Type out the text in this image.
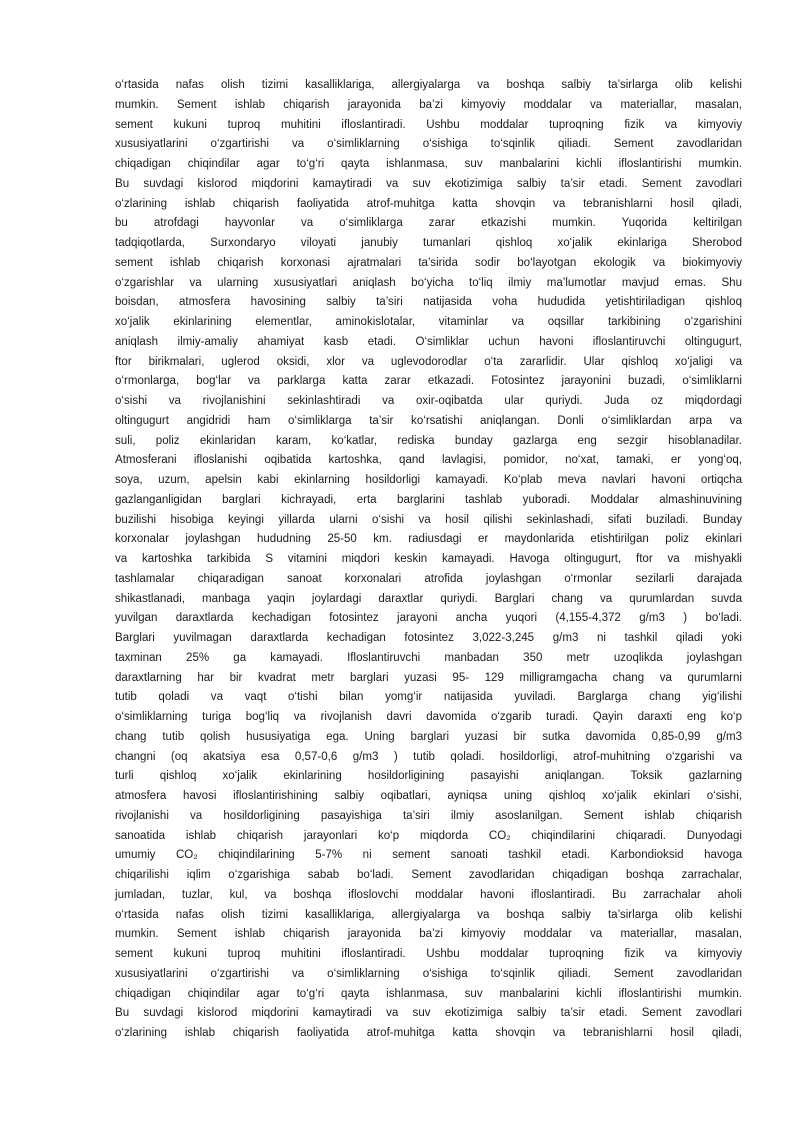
o‘rtasida nafas olish tizimi kasalliklariga, allergiyalarga va boshqa salbiy ta’sirlarga olib kelishi
mumkin. Sement ishlab chiqarish jarayonida ba’zi kimyoviy moddalar va materiallar, masalan,
sement kukuni tuproq muhitini ifloslantiradi. Ushbu moddalar tuproqning fizik va kimyoviy
xususiyatlarini o‘zgartirishi va o‘simliklarning o‘sishiga to‘sqinlik qiliadi. Sement zavodlaridan
chiqadigan chiqindilar agar to‘g‘ri qayta ishlanmasa, suv manbalarini kichli ifloslantirishi mumkin.
Bu suvdagi kislorod miqdorini kamaytiradi va suv ekotizimiga salbiy ta’sir etadi. Sement zavodlari
o‘zlarining ishlab chiqarish faoliyatida atrof-muhitga katta shovqin va tebranishlarni hosil qiladi,
bu atrofdagi hayvonlar va o‘simliklarga zarar etkazishi mumkin. Yuqorida keltirilgan
tadqiqotlarda, Surxondaryo viloyati janubiy tumanlari qishloq xo‘jalik ekinlariga Sherobod
sement ishlab chiqarish korxonasi ajratmalari ta’sirida sodir bo‘layotgan ekologik va biokimyoviy
o‘zgarishlar va ularning xususiyatlari aniqlash bo‘yicha to‘liq ilmiy ma’lumotlar mavjud emas. Shu
boisdan, atmosfera havosining salbiy ta’siri natijasida voha hududida yetishtiriladigan qishloq
xo‘jalik ekinlarining elementlar, aminokislotalar, vitaminlar va oqsillar tarkibining o‘zgarishini
aniqlash ilmiy-amaliy ahamiyat kasb etadi. O‘simliklar uchun havoni ifloslantiruvchi oltingugurt,
ftor birikmalari, uglerod oksidi, xlor va uglevodorodlar o‘ta zararlidir. Ular qishloq xo‘jaligi va
o‘rmonlarga, bog‘lar va parklarga katta zarar etkazadi. Fotosintez jarayonini buzadi, o‘simliklarni
o‘sishi va rivojlanishini sekinlashtiradi va oxir-oqibatda ular quriydi. Juda oz miqdordagi
oltingugurt angidridi ham o‘simliklarga ta’sir ko‘rsatishi aniqlangan. Donli o‘simliklardan arpa va
suli, poliz ekinlaridan karam, ko‘katlar, rediska bunday gazlarga eng sezgir hisoblanadilar.
Atmosferani ifloslanishi oqibatida kartoshka, qand lavlagisi, pomidor, no‘xat, tamaki, er yong‘oq,
soya, uzum, apelsin kabi ekinlarning hosildorligi kamayadi. Ko‘plab meva navlari havoni ortiqcha
gazlanganligidan barglari kichrayadi, erta barglarini tashlab yuboradi. Moddalar almashinuvining
buzilishi hisobiga keyingi yillarda ularni o‘sishi va hosil qilishi sekinlashadi, sifati buziladi. Bunday
korxonalar joylashgan hududning 25-50 km. radiusdagi er maydonlarida etishtirilgan poliz ekinlari
va kartoshka tarkibida S vitamini miqdori keskin kamayadi. Havoga oltingugurt, ftor va mishyakli
tashlamalar chiqaradigan sanoat korxonalari atrofida joylashgan o‘rmonlar sezilarli darajada
shikastlanadi, manbaga yaqin joylardagi daraxtlar quriydi. Barglari chang va qurumlardan suvda
yuvilgan daraxtlarda kechadigan fotosintez jarayoni ancha yuqori (4,155-4,372 g/m3 ) bo‘ladi.
Barglari yuvilmagan daraxtlarda kechadigan fotosintez 3,022-3,245 g/m3 ni tashkil qiladi yoki
taxminan 25% ga kamayadi. Ifloslantiruvchi manbadan 350 metr uzoqlikda joylashgan
daraxtlarning har bir kvadrat metr barglari yuzasi 95- 129 milligramgacha chang va qurumlarni
tutib qoladi va vaqt o‘tishi bilan yomg‘ir natijasida yuviladi. Barglarga chang yig‘ilishi
o‘simliklarning turiga bog‘liq va rivojlanish davri davomida o‘zgarib turadi. Qayin daraxti eng ko‘p
chang tutib qolish hususiyatiga ega. Uning barglari yuzasi bir sutka davomida 0,85-0,99 g/m3
changni (oq akatsiya esa 0,57-0,6 g/m3 ) tutib qoladi. hosildorligi, atrof-muhitning o‘zgarishi va
turli qishloq xo‘jalik ekinlarining hosildorligining pasayishi aniqlangan. Toksik gazlarning
atmosfera havosi ifloslantirishining salbiy oqibatlari, ayniqsa uning qishloq xo‘jalik ekinlari o‘sishi,
rivojlanishi va hosildorligining pasayishiga ta’siri ilmiy asoslanilgan. Sement ishlab chiqarish
sanoatida ishlab chiqarish jarayonlari ko‘p miqdorda CO₂ chiqindilarini chiqaradi. Dunyodagi
umumiy CO₂ chiqindilarining 5-7% ni sement sanoati tashkil etadi. Karbondioksid havoga
chiqarilishi iqlim o‘zgarishiga sabab bo‘ladi. Sement zavodlaridan chiqadigan boshqa zarrachalar,
jumladan, tuzlar, kul, va boshqa ifloslovchi moddalar havoni ifloslantiradi. Bu zarrachalar aholi
o‘rtasida nafas olish tizimi kasalliklariga, allergiyalarga va boshqa salbiy ta’sirlarga olib kelishi
mumkin. Sement ishlab chiqarish jarayonida ba’zi kimyoviy moddalar va materiallar, masalan,
sement kukuni tuproq muhitini ifloslantiradi. Ushbu moddalar tuproqning fizik va kimyoviy
xususiyatlarini o‘zgartirishi va o‘simliklarning o‘sishiga to‘sqinlik qiliadi. Sement zavodlaridan
chiqadigan chiqindilar agar to‘g‘ri qayta ishlanmasa, suv manbalarini kichli ifloslantirishi mumkin.
Bu suvdagi kislorod miqdorini kamaytiradi va suv ekotizimiga salbiy ta’sir etadi. Sement zavodlari
o‘zlarining ishlab chiqarish faoliyatida atrof-muhitga katta shovqin va tebranishlarni hosil qiladi,
